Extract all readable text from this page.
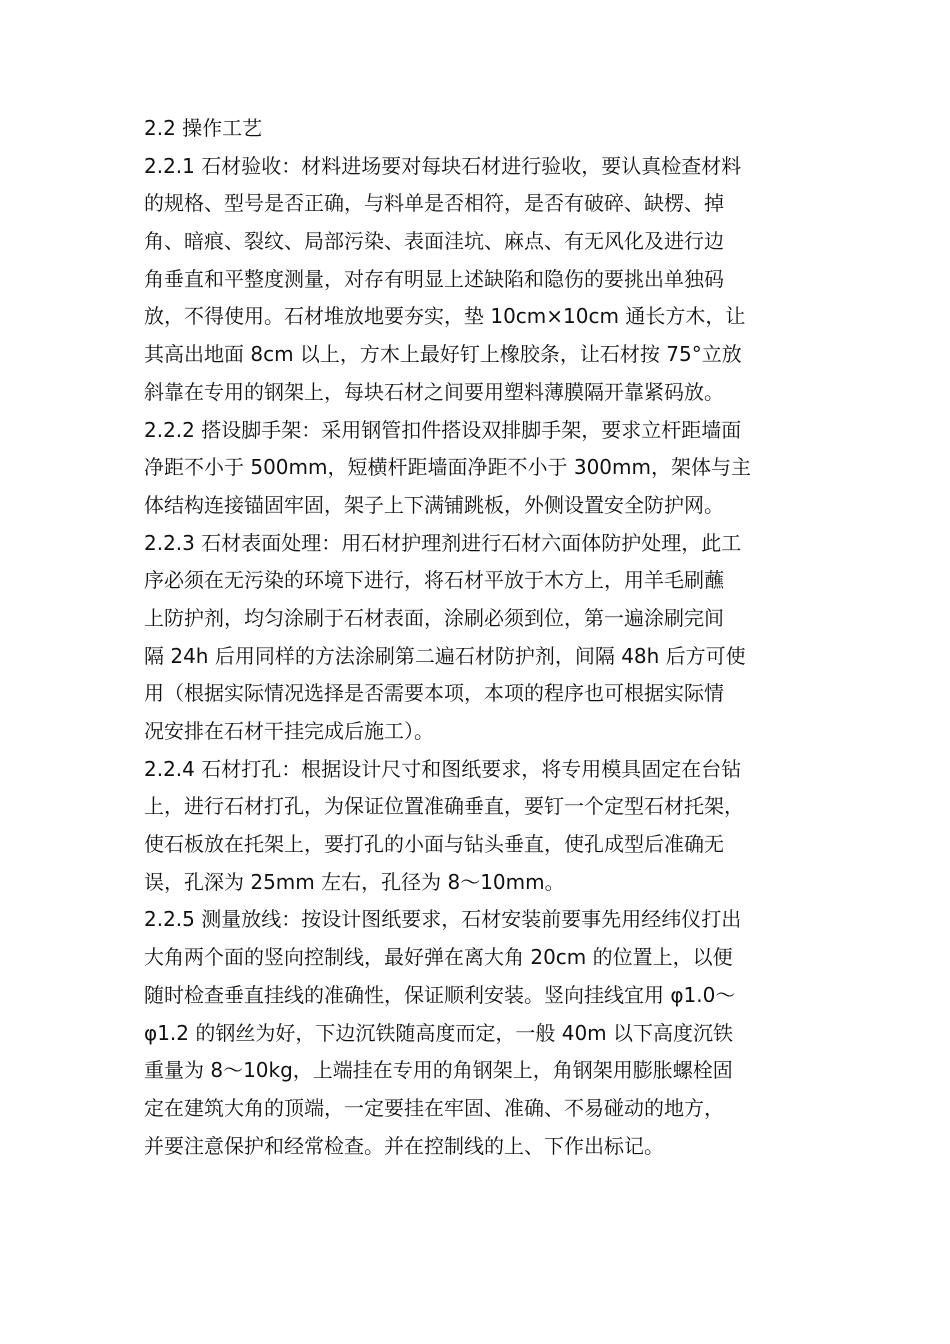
2.2 操作工艺
2.2.1 石材验收：材料进场要对每块石材进行验收，要认真检查材料
的规格、型号是否正确，与料单是否相符，是否有破碎、缺楞、掉
角、暗痕、裂纹、局部污染、表面洼坑、麻点、有无风化及进行边
角垂直和平整度测量，对存有明显上述缺陷和隐伤的要挑出单独码
放，不得使用。石材堆放地要夯实，垫 10cm×10cm 通长方木，让
其高出地面 8cm 以上，方木上最好钉上橡胶条，让石材按 75°立放
斜靠在专用的钢架上，每块石材之间要用塑料薄膜隔开靠紧码放。
2.2.2 搭设脚手架：采用钢管扣件搭设双排脚手架，要求立杆距墙面
净距不小于 500mm，短横杆距墙面净距不小于 300mm，架体与主
体结构连接锚固牢固，架子上下满铺跳板，外侧设置安全防护网。
2.2.3 石材表面处理：用石材护理剂进行石材六面体防护处理，此工
序必须在无污染的环境下进行，将石材平放于木方上，用羊毛刷蘸
上防护剂，均匀涂刷于石材表面，涂刷必须到位，第一遍涂刷完间
隔 24h 后用同样的方法涂刷第二遍石材防护剂，间隔 48h 后方可使
用（根据实际情况选择是否需要本项，本项的程序也可根据实际情
况安排在石材干挂完成后施工）。
2.2.4 石材打孔：根据设计尺寸和图纸要求，将专用模具固定在台钻
上，进行石材打孔，为保证位置准确垂直，要钉一个定型石材托架，
使石板放在托架上，要打孔的小面与钻头垂直，使孔成型后准确无
误，孔深为 25mm 左右，孔径为 8～10mm。
2.2.5 测量放线：按设计图纸要求，石材安装前要事先用经纬仪打出
大角两个面的竖向控制线，最好弹在离大角 20cm 的位置上，以便
随时检查垂直挂线的准确性，保证顺利安装。竖向挂线宜用 φ1.0～
φ1.2 的钢丝为好，下边沉铁随高度而定，一般 40m 以下高度沉铁
重量为 8～10kg，上端挂在专用的角钢架上，角钢架用膨胀螺栓固
定在建筑大角的顶端，一定要挂在牢固、准确、不易碰动的地方，
并要注意保护和经常检查。并在控制线的上、下作出标记。
